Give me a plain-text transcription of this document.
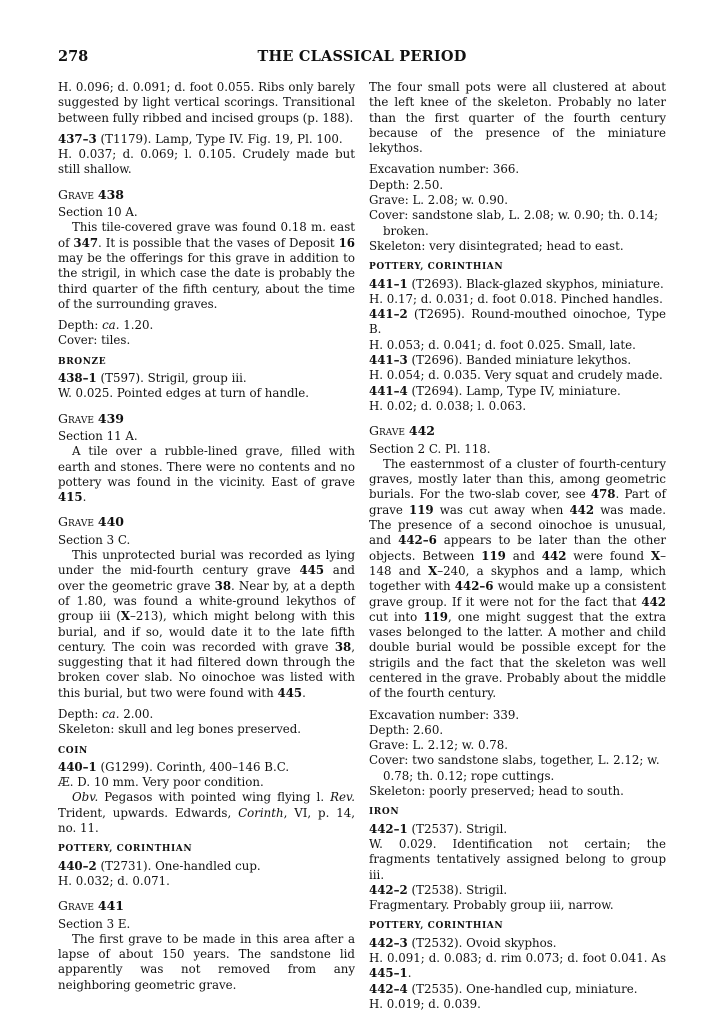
278	THE CLASSICAL PERIOD

H. 0.096; d. 0.091; d. foot 0.055. Ribs only barely suggested by light vertical scorings. Transitional between fully ribbed and incised groups (p. 188).

437–3 (T1179). Lamp, Type IV. Fig. 19, Pl. 100.

H. 0.037; d. 0.069; l. 0.105. Crudely made but still shallow.

Grave 438

Section 10 A.

This tile-covered grave was found 0.18 m. east of 347. It is possible that the vases of Deposit 16 may be the offerings for this grave in addition to the strigil, in which case the date is probably the third quarter of the fifth century, about the time of the surrounding graves.

Depth: ca. 1.20.

Cover: tiles.

BRONZE

438–1 (T597). Strigil, group iii.

W. 0.025. Pointed edges at turn of handle.

Grave 439

Section 11 A.

A tile over a rubble-lined grave, filled with earth and stones. There were no contents and no pottery was found in the vicinity. East of grave 415.

Grave 440

Section 3 C.

This unprotected burial was recorded as lying under the mid-fourth century grave 445 and over the geometric grave 38. Near by, at a depth of 1.80, was found a white-ground lekythos of group iii (X–213), which might belong with this burial, and if so, would date it to the late fifth century. The coin was recorded with grave 38, suggesting that it had filtered down through the broken cover slab. No oinochoe was listed with this burial, but two were found with 445.

Depth: ca. 2.00.

Skeleton: skull and leg bones preserved.

COIN

440–1 (G1299). Corinth, 400–146 B.C.

Æ. D. 10 mm. Very poor condition.

Obv. Pegasos with pointed wing flying l. Rev. Trident, upwards. Edwards, Corinth, VI, p. 14, no. 11.

POTTERY, CORINTHIAN

440–2 (T2731). One-handled cup.

H. 0.032; d. 0.071.

Grave 441

Section 3 E.

The first grave to be made in this area after a lapse of about 150 years. The sandstone lid apparently was not removed from any neighboring geometric grave.

The four small pots were all clustered at about the left knee of the skeleton. Probably no later than the first quarter of the fourth century because of the presence of the miniature lekythos.

Excavation number: 366.

Depth: 2.50.

Grave: L. 2.08; w. 0.90.

Cover: sandstone slab, L. 2.08; w. 0.90; th. 0.14; broken.

Skeleton: very disintegrated; head to east.

POTTERY, CORINTHIAN

441–1 (T2693). Black-glazed skyphos, miniature.

H. 0.17; d. 0.031; d. foot 0.018. Pinched handles.

441–2 (T2695). Round-mouthed oinochoe, Type B.

H. 0.053; d. 0.041; d. foot 0.025. Small, late.

441–3 (T2696). Banded miniature lekythos.

H. 0.054; d. 0.035. Very squat and crudely made.

441–4 (T2694). Lamp, Type IV, miniature.

H. 0.02; d. 0.038; l. 0.063.

Grave 442

Section 2 C. Pl. 118.

The easternmost of a cluster of fourth-century graves, mostly later than this, among geometric burials. For the two-slab cover, see 478. Part of grave 119 was cut away when 442 was made. The presence of a second oinochoe is unusual, and 442–6 appears to be later than the other objects. Between 119 and 442 were found X–148 and X–240, a skyphos and a lamp, which together with 442–6 would make up a consistent grave group. If it were not for the fact that 442 cut into 119, one might suggest that the extra vases belonged to the latter. A mother and child double burial would be possible except for the strigils and the fact that the skeleton was well centered in the grave. Probably about the middle of the fourth century.

Excavation number: 339.

Depth: 2.60.

Grave: L. 2.12; w. 0.78.

Cover: two sandstone slabs, together, L. 2.12; w. 0.78; th. 0.12; rope cuttings.

Skeleton: poorly preserved; head to south.

IRON

442–1 (T2537). Strigil.

W. 0.029. Identification not certain; the fragments tentatively assigned belong to group iii.

442–2 (T2538). Strigil.

Fragmentary. Probably group iii, narrow.

POTTERY, CORINTHIAN

442–3 (T2532). Ovoid skyphos.

H. 0.091; d. 0.083; d. rim 0.073; d. foot 0.041. As 445–1.

442–4 (T2535). One-handled cup, miniature.

H. 0.019; d. 0.039.
